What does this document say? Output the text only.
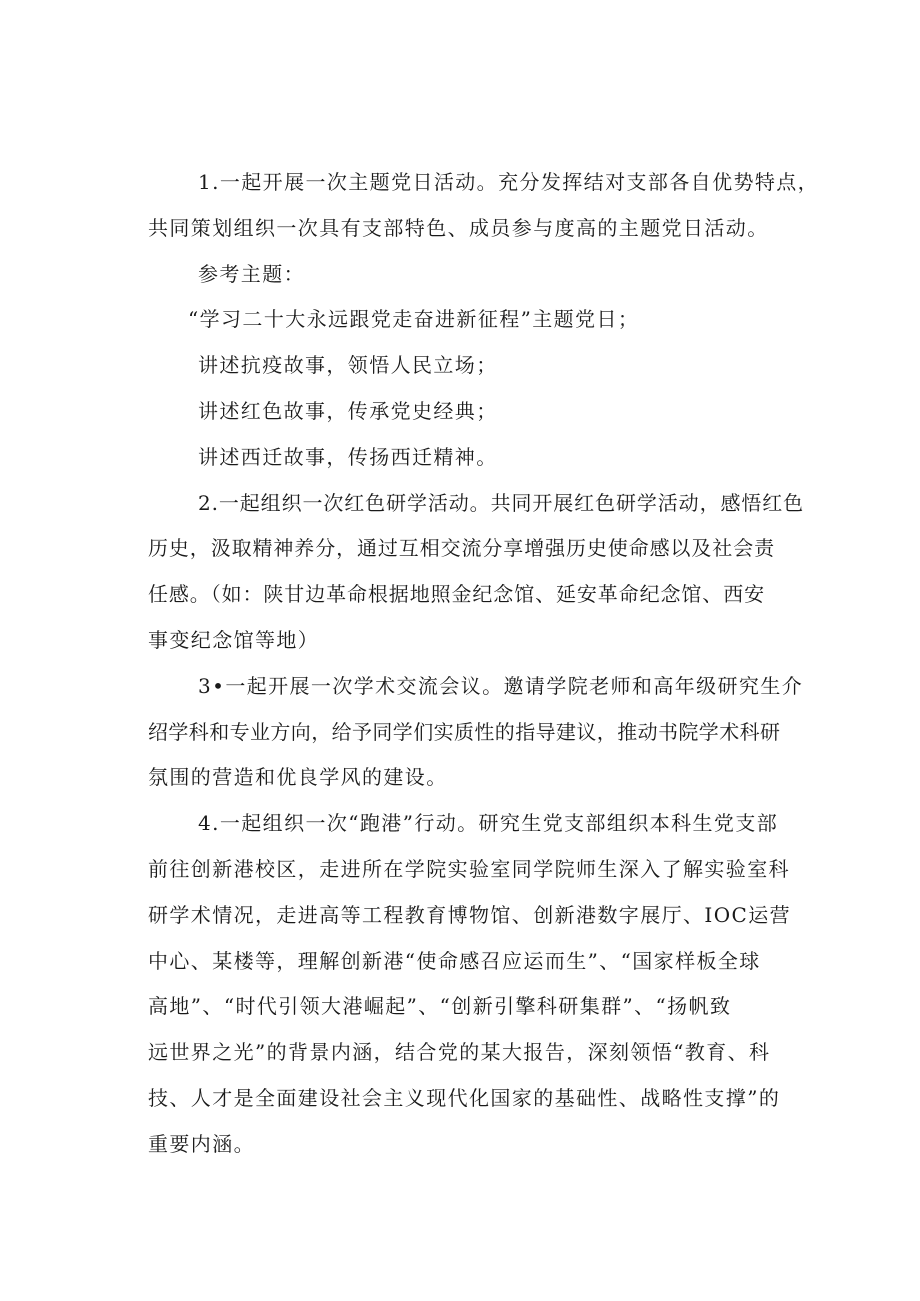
1.一起开展一次主题党日活动。充分发挥结对支部各自优势特点，
共同策划组织一次具有支部特色、成员参与度高的主题党日活动。
参考主题：
“学习二十大永远跟党走奋进新征程”主题党日；
讲述抗疫故事，领悟人民立场；
讲述红色故事，传承党史经典；
讲述西迁故事，传扬西迁精神。
2.一起组织一次红色研学活动。共同开展红色研学活动，感悟红色
历史，汲取精神养分，通过互相交流分享增强历史使命感以及社会责
任感。（如：陕甘边革命根据地照金纪念馆、延安革命纪念馆、西安
事变纪念馆等地）
3•一起开展一次学术交流会议。邀请学院老师和高年级研究生介
绍学科和专业方向，给予同学们实质性的指导建议，推动书院学术科研
氛围的营造和优良学风的建设。
4.一起组织一次“跑港”行动。研究生党支部组织本科生党支部
前往创新港校区，走进所在学院实验室同学院师生深入了解实验室科
研学术情况，走进高等工程教育博物馆、创新港数字展厅、IOC运营
中心、某楼等，理解创新港“使命感召应运而生”、“国家样板全球
高地”、“时代引领大港崛起”、“创新引擎科研集群”、“扬帆致
远世界之光”的背景内涵，结合党的某大报告，深刻领悟“教育、科
技、人才是全面建设社会主义现代化国家的基础性、战略性支撑”的
重要内涵。
